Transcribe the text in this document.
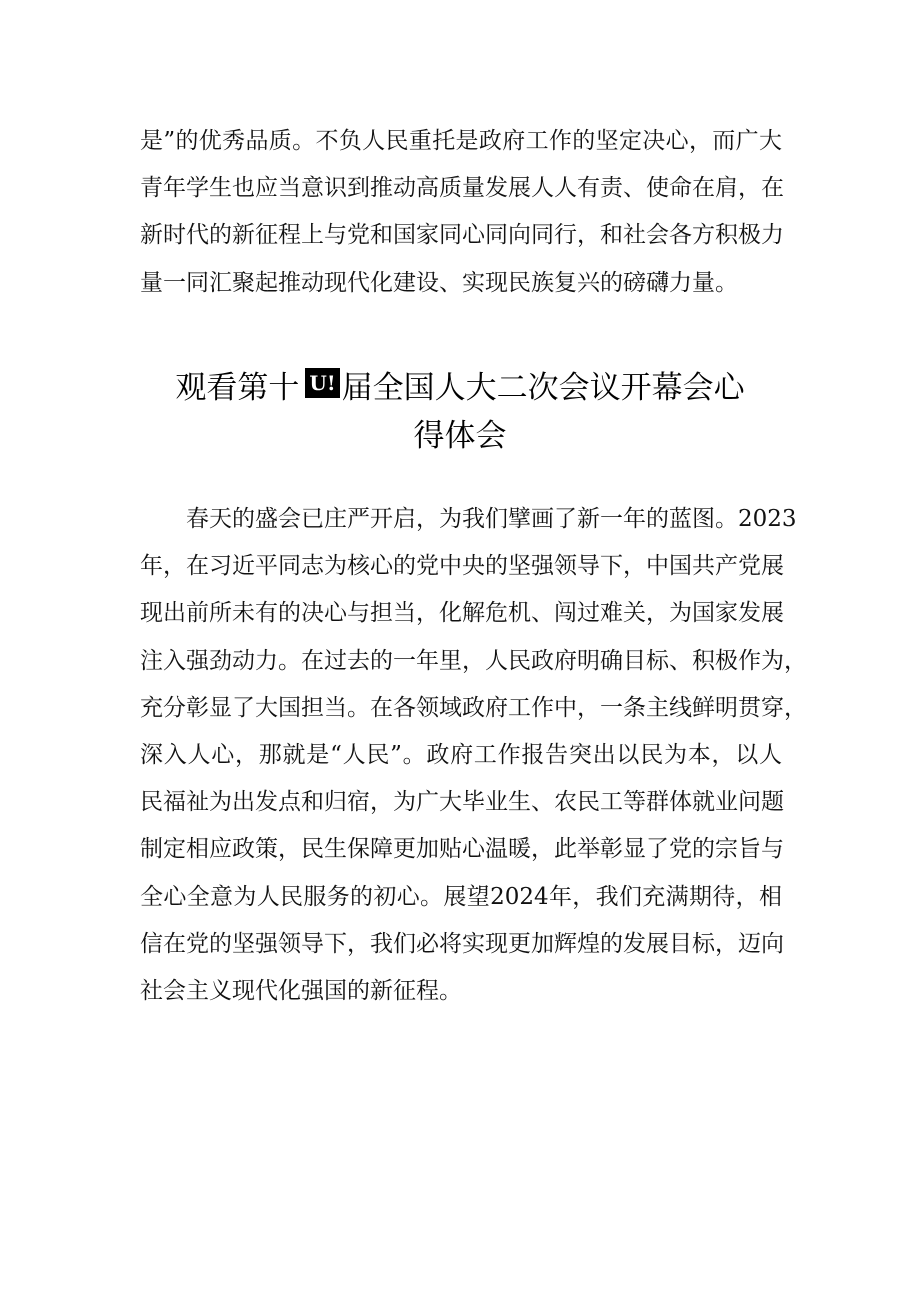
是”的优秀品质。不负人民重托是政府工作的坚定决心，而广大
青年学生也应当意识到推动高质量发展人人有责、使命在肩，在
新时代的新征程上与党和国家同心同向同行，和社会各方积极力
量一同汇聚起推动现代化建设、实现民族复兴的磅礴力量。
观看第十 U! 届全国人大二次会议开幕会心
得体会
春天的盛会已庄严开启，为我们擘画了新一年的蓝图。2023
年，在习近平同志为核心的党中央的坚强领导下，中国共产党展
现出前所未有的决心与担当，化解危机、闯过难关，为国家发展
注入强劲动力。在过去的一年里，人民政府明确目标、积极作为，
充分彰显了大国担当。在各领域政府工作中，一条主线鲜明贯穿，
深入人心，那就是“人民”。政府工作报告突出以民为本，以人
民福祉为出发点和归宿，为广大毕业生、农民工等群体就业问题
制定相应政策，民生保障更加贴心温暖，此举彰显了党的宗旨与
全心全意为人民服务的初心。展望2024年，我们充满期待，相
信在党的坚强领导下，我们必将实现更加辉煌的发展目标，迈向
社会主义现代化强国的新征程。
